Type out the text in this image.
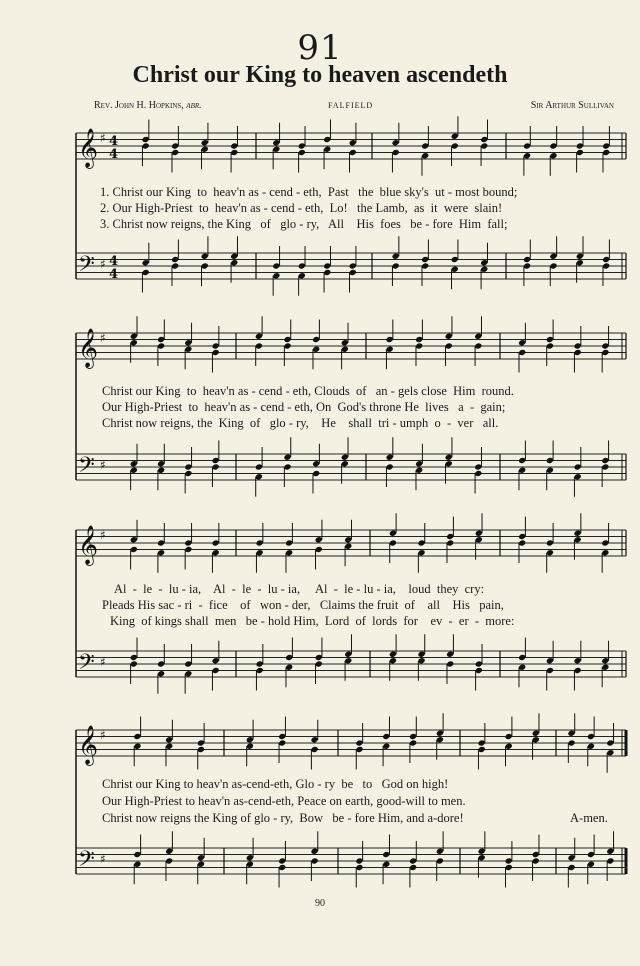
91
Christ our King to heaven ascendeth
Rev. John H. Hopkins, abr.	FALFIELD	Sir Arthur Sullivan
𝄞
𝄢
♯
♯
4
4
4
4
𝄞
𝄢
♯
♯
𝄞
𝄢
♯
♯
𝄞
𝄢
♯
♯
1. Christ our King  to  heav'n as - cend - eth,  Past   the  blue sky's  ut - most bound;
2. Our High-Priest  to  heav'n as - cend - eth,  Lo!   the Lamb,  as  it  were  slain!
3. Christ now reigns, the King   of   glo - ry,   All    His  foes   be - fore  Him  fall;
Christ our King  to  heav'n as - cend - eth, Clouds  of   an - gels close  Him  round.
Our High-Priest  to  heav'n as - cend - eth, On  God's throne He  lives   a  -  gain;
Christ now reigns, the  King  of   glo - ry,    He    shall  tri - umph  o  -  ver   all.
Al  -  le  -  lu - ia,    Al  -  le  -  lu - ia,     Al  -  le - lu - ia,    loud  they  cry:
Pleads His sac - ri  -  fice    of   won - der,   Claims the fruit  of    all    His   pain,
King  of kings shall  men   be - hold Him,  Lord  of  lords  for    ev  -  er  -  more:
Christ our King to heav'n as-cend-eth, Glo - ry  be   to   God on high!
Our High-Priest to heav'n as-cend-eth, Peace on earth, good-will to men.
Christ now reigns the King of glo - ry,  Bow   be - fore Him, and a-dore!	A-men.
90
